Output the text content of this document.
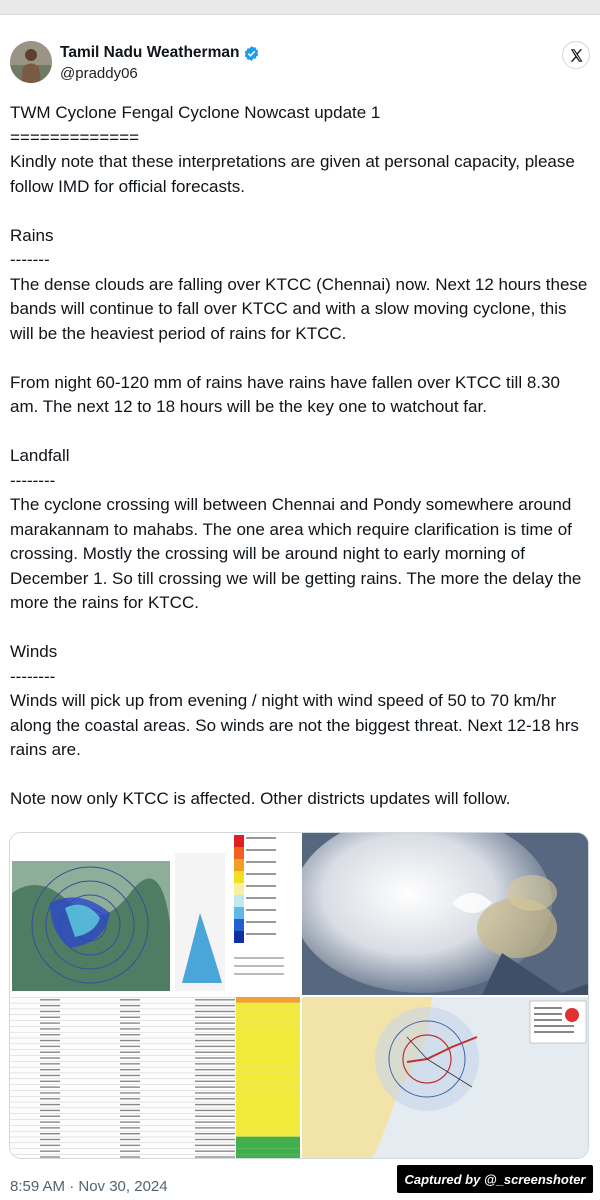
Tamil Nadu Weatherman
@praddy06

TWM Cyclone Fengal Cyclone Nowcast update 1

=============

Kindly note that these interpretations are given at personal capacity, please follow IMD for official forecasts.

Rains

-------

The dense clouds are falling over KTCC (Chennai) now. Next 12 hours these bands will continue to fall over KTCC and with a slow moving cyclone, this will be the heaviest period of rains for KTCC.

From night 60-120 mm of rains have rains have fallen over KTCC till 8.30 am. The next 12 to 18 hours will be the key one to watchout far.

Landfall

--------

The cyclone crossing will between Chennai and Pondy somewhere around marakannam to mahabs. The one area which require clarification is time of crossing. Mostly the crossing will be around night to early morning of December 1. So till crossing we will be getting rains. The more the delay the more the rains for KTCC.

Winds

--------

Winds will pick up from evening / night with wind speed of 50 to 70 km/hr along the coastal areas. So winds are not the biggest threat. Next 12-18 hrs rains are.

Note now only KTCC is affected. Other districts updates will follow.

8:59 AM · Nov 30, 2024	Captured by @_screenshoter
